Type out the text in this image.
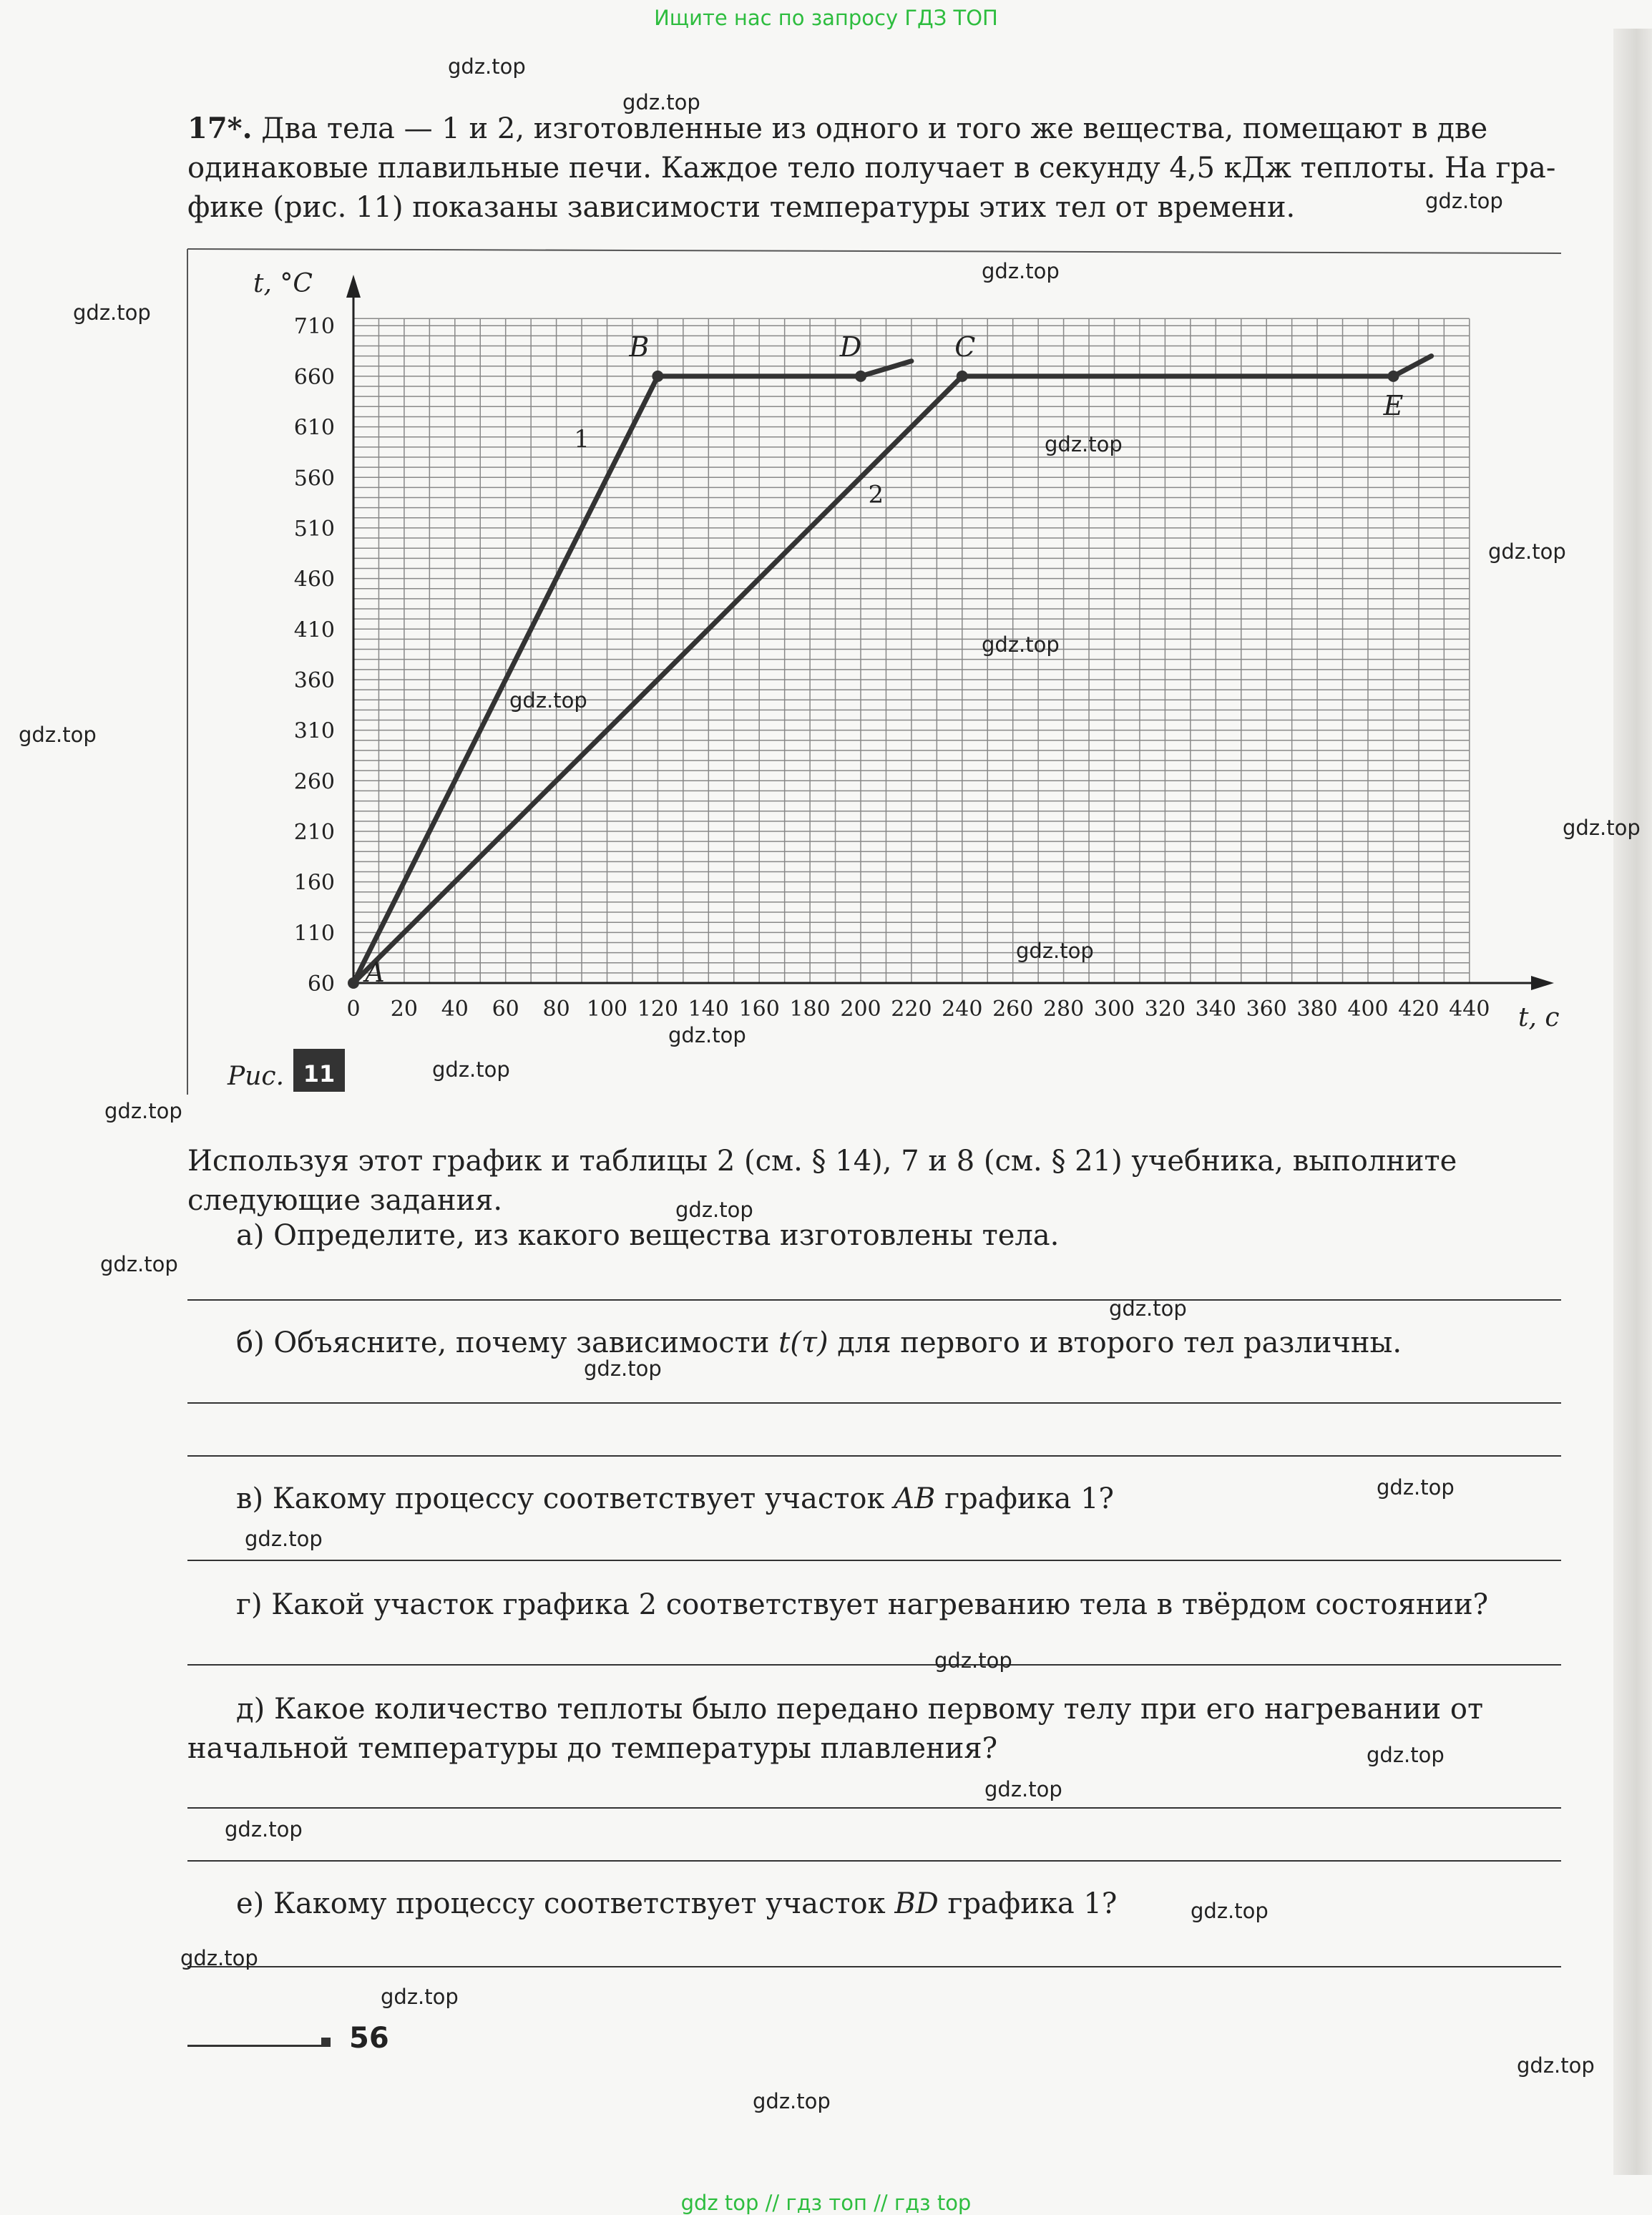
Ищите нас по запросу ГДЗ ТОП
17*. Два тела — 1 и 2, изготовленные из одного и того же вещества, помещают в две
одинаковые плавильные печи. Каждое тело получает в секунду 4,5 кДж теплоты. На гра-
фике (рис. 11) показаны зависимости температуры этих тел от времени.
t, с
t, °C
0 20 40 60 80 100 120 140 160 180 200 220 240 260 280 300 320 340 360 380 400 420 440
60
110
160
210
260
310
360
410
460
510
560
610
660
710
A
B	D	C
E
1
2
Рис. 11
Используя этот график и таблицы 2 (см. § 14), 7 и 8 (см. § 21) учебника, выполните
следующие задания.
а) Определите, из какого вещества изготовлены тела.
б) Объясните, почему зависимости t(τ) для первого и второго тел различны.
в) Какому процессу соответствует участок AB графика 1?
г) Какой участок графика 2 соответствует нагреванию тела в твёрдом состоянии?
д) Какое количество теплоты было передано первому телу при его нагревании от
начальной температуры до температуры плавления?
е) Какому процессу соответствует участок BD графика 1?
56
gdz.top
gdz.top
gdz.top
gdz.top
gdz.top
gdz.top
gdz.top
gdz.top
gdz.top
gdz.top
gdz.top
gdz.top
gdz.top
gdz.top
gdz.top
gdz.top
gdz.top
gdz.top
gdz.top
gdz.top
gdz.top
gdz.top
gdz.top
gdz.top
gdz.top
gdz.top
gdz.top
gdz.top
gdz.top
gdz.top
gdz top // гдз топ // гдз top
